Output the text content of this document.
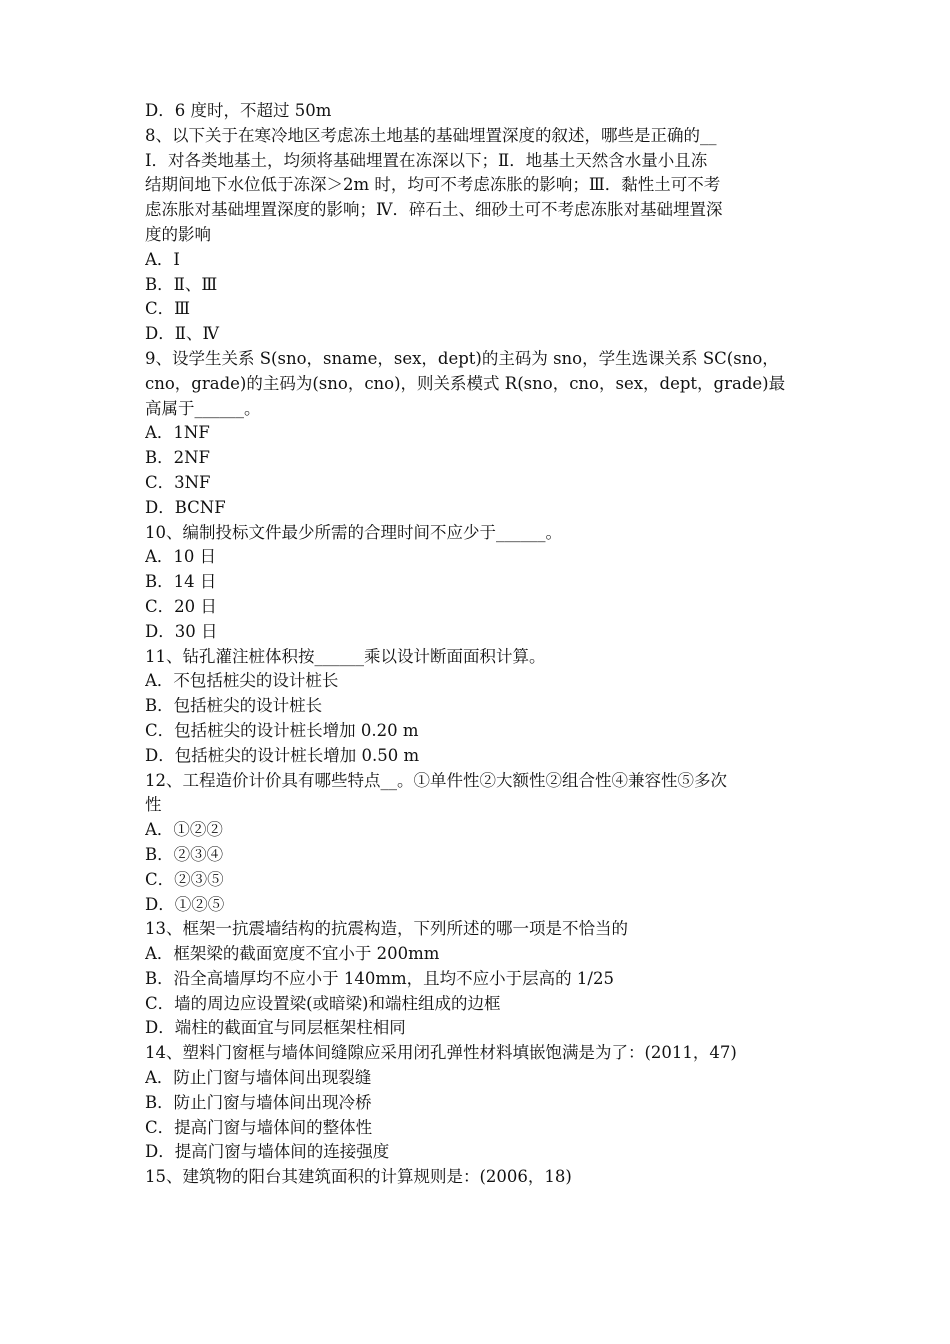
D．6 度时，不超过 50m
8、以下关于在寒冷地区考虑冻土地基的基础埋置深度的叙述，哪些是正确的__
Ⅰ．对各类地基土，均须将基础埋置在冻深以下；Ⅱ．地基土天然含水量小且冻
结期间地下水位低于冻深＞2m 时，均可不考虑冻胀的影响；Ⅲ．黏性土可不考
虑冻胀对基础埋置深度的影响；Ⅳ．碎石土、细砂土可不考虑冻胀对基础埋置深
度的影响
A．Ⅰ
B．Ⅱ、Ⅲ
C．Ⅲ
D．Ⅱ、Ⅳ
9、设学生关系 S(sno，sname，sex，dept)的主码为 sno，学生选课关系 SC(sno，
cno，grade)的主码为(sno，cno)，则关系模式 R(sno，cno，sex，dept，grade)最
高属于______。
A．1NF
B．2NF
C．3NF
D．BCNF
10、编制投标文件最少所需的合理时间不应少于______。
A．10 日
B．14 日
C．20 日
D．30 日
11、钻孔灌注桩体积按______乘以设计断面面积计算。
A．不包括桩尖的设计桩长
B．包括桩尖的设计桩长
C．包括桩尖的设计桩长增加 0.20 m
D．包括桩尖的设计桩长增加 0.50 m
12、工程造价计价具有哪些特点__。①单件性②大额性②组合性④兼容性⑤多次
性
A．①②②
B．②③④
C．②③⑤
D．①②⑤
13、框架一抗震墙结构的抗震构造，下列所述的哪一项是不恰当的
A．框架梁的截面宽度不宜小于 200mm
B．沿全高墙厚均不应小于 140mm，且均不应小于层高的 1/25
C．墙的周边应设置梁(或暗梁)和端柱组成的边框
D．端柱的截面宜与同层框架柱相同
14、塑料门窗框与墙体间缝隙应采用闭孔弹性材料填嵌饱满是为了：(2011，47)
A．防止门窗与墙体间出现裂缝
B．防止门窗与墙体间出现冷桥
C．提高门窗与墙体间的整体性
D．提高门窗与墙体间的连接强度
15、建筑物的阳台其建筑面积的计算规则是：(2006，18)
